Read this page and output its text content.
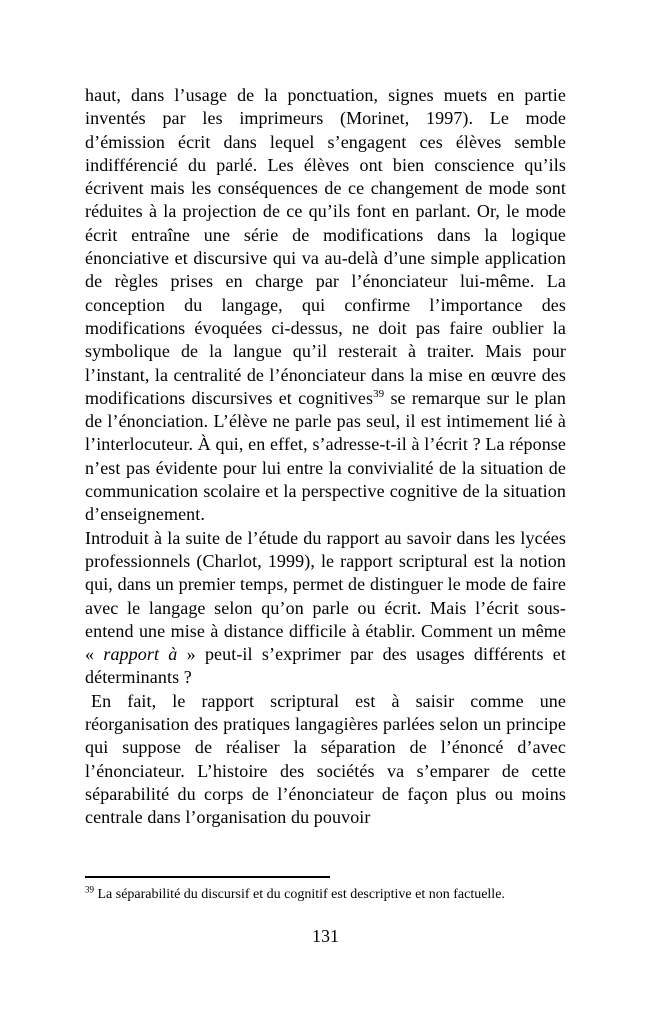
haut, dans l’usage de la ponctuation, signes muets en partie inventés par les imprimeurs (Morinet, 1997). Le mode d’émission écrit dans lequel s’engagent ces élèves semble indifférencié du parlé. Les élèves ont bien conscience qu’ils écrivent mais les conséquences de ce changement de mode sont réduites à la projection de ce qu’ils font en parlant. Or, le mode écrit entraîne une série de modifications dans la logique énonciative et discursive qui va au-delà d’une simple application de règles prises en charge par l’énonciateur lui-même. La conception du langage, qui confirme l’importance des modifications évoquées ci-dessus, ne doit pas faire oublier la symbolique de la langue qu’il resterait à traiter. Mais pour l’instant, la centralité de l’énonciateur dans la mise en œuvre des modifications discursives et cognitives$^{39}$ se remarque sur le plan de l’énonciation. L’élève ne parle pas seul, il est intimement lié à l’interlocuteur. À qui, en effet, s’adresse-t-il à l’écrit ? La réponse n’est pas évidente pour lui entre la convivialité de la situation de communication scolaire et la perspective cognitive de la situation d’enseignement.

Introduit à la suite de l’étude du rapport au savoir dans les lycées professionnels (Charlot, 1999), le rapport scriptural est la notion qui, dans un premier temps, permet de distinguer le mode de faire avec le langage selon qu’on parle ou écrit. Mais l’écrit sous-entend une mise à distance difficile à établir. Comment un même « rapport à » peut-il s’exprimer par des usages différents et déterminants ?

En fait, le rapport scriptural est à saisir comme une réorganisation des pratiques langagières parlées selon un principe qui suppose de réaliser la séparation de l’énoncé d’avec l’énonciateur. L’histoire des sociétés va s’emparer de cette séparabilité du corps de l’énonciateur de façon plus ou moins centrale dans l’organisation du pouvoir

$^{39}$ La séparabilité du discursif et du cognitif est descriptive et non factuelle.

131
